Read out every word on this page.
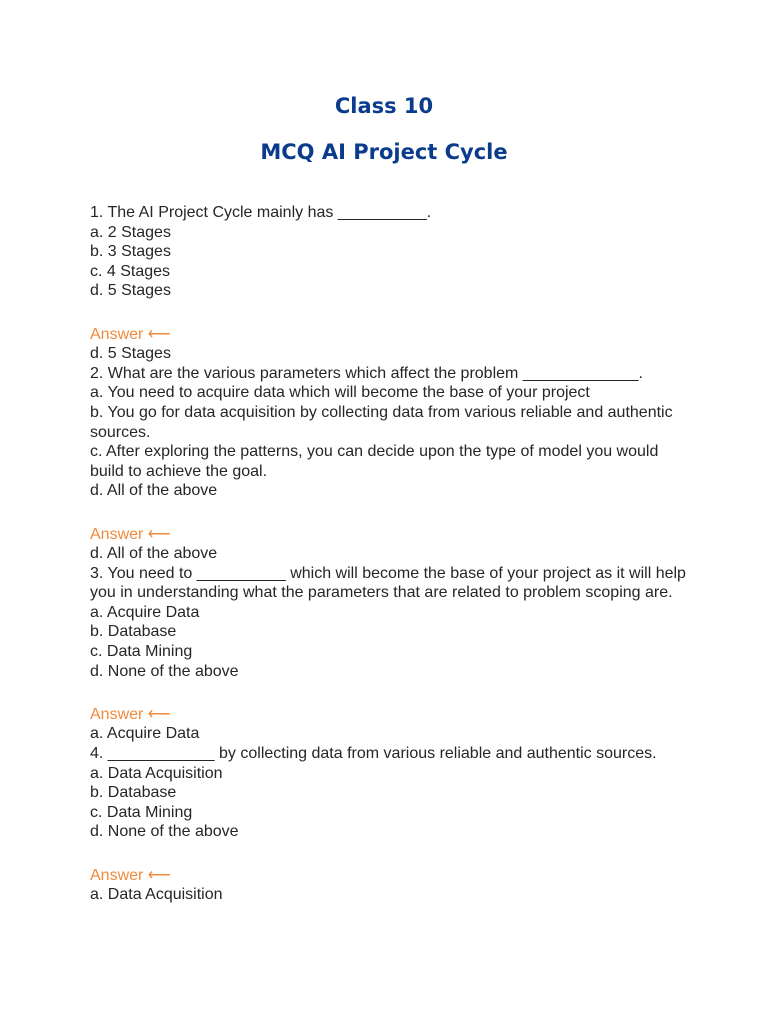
Class 10
MCQ AI Project Cycle

1. The AI Project Cycle mainly has __________.

a. 2 Stages

b. 3 Stages

c. 4 Stages

d. 5 Stages

Answer ⟵

d. 5 Stages

2. What are the various parameters which affect the problem _____________.

a. You need to acquire data which will become the base of your project

b. You go for data acquisition by collecting data from various reliable and authentic sources.

c. After exploring the patterns, you can decide upon the type of model you would build to achieve the goal.

d. All of the above

Answer ⟵

d. All of the above

3. You need to __________ which will become the base of your project as it will help you in understanding what the parameters that are related to problem scoping are.

a. Acquire Data

b. Database

c. Data Mining

d. None of the above

Answer ⟵

a. Acquire Data

4. ____________ by collecting data from various reliable and authentic sources.

a. Data Acquisition

b. Database

c. Data Mining

d. None of the above

Answer ⟵

a. Data Acquisition
